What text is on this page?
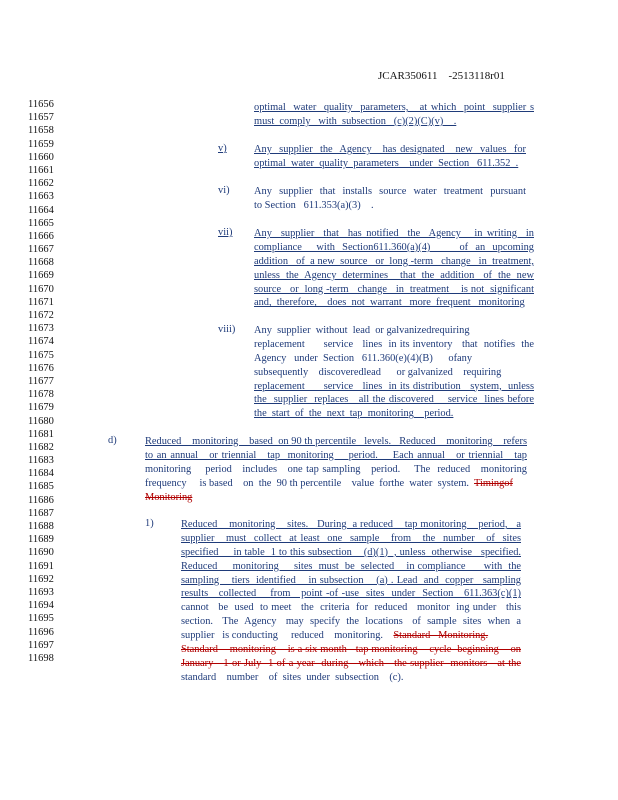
JCAR350611    -2513118r01
11656
11657
11658
11659
11660
11661
11662
11663
11664
11665
11666
11667
11668
11669
11670
11671
11672
11673
11674
11675
11676
11677
11678
11679
11680
11681
11682
11683
11684
11685
11686
11687
11688
11689
11690
11691
11692
11693
11694
11695
11696
11697
11698
optimal  water  quality  parameters,   at which  point  supplier s
must  comply   with  subsection   (c)(2)(C)(v)    .
v)	Any  supplier  the  Agency   has designated   new  values  for
optimal  water  quality  parameters    under  Section   611.352  .
vi) Any  supplier  that  installs  source  water  treatment  pursuant
to Section   611.353(a)(3)    .
vii) Any  supplier  that  has notified  the  Agency   in writing  in
compliance    with  Section611.360(a)(4)        of  an  upcoming
addition   of  a new  source   or  long -term   change   in  treatment,
unless  the  Agency  determines    that  the  addition   of  the  new
source   or  long -term   change   in  treatment    is not  significant
and,  therefore,    does  not  warrant   more  frequent   monitoring
viii) Any  supplier  without  lead  or galvanizedrequiring
replacement      service   lines  in its inventory   that  notifies  the
Agency   under  Section   611.360(e)(4)(B)      ofany
subsequently    discoveredlead      or galvanized    requiring
replacement      service   lines  in its distribution   system,  unless
the  supplier  replaces   all the discovered    service  lines before
the  start  of  the  next  tap  monitoring    period.
d)	Reduced    monitoring    based  on 90 th percentile   levels.   Reduced    monitoring    refers
to an annual   or triennial   tap  monitoring    period.    Each annual   or triennial   tap
monitoring    period   includes   one tap sampling   period.    The  reduced   monitoring
frequency     is based    on  the  90 th percentile    value  forthe  water  system. Timingof
Monitoring
1)	Reduced    monitoring    sites.   During  a reduced    tap monitoring    period,   a
supplier   must  collect  at least  one  sample   from   the  number   of  sites
specified     in table  1 to this subsection    (d)(1)  , unless  otherwise   specified.
Reduced     monitoring     sites  must  be  selected    in compliance      with  the
sampling    tiers  identified    in subsection    (a) . Lead  and  copper   sampling
results   collected    from   point -of -use  sites  under  Section   611.363(c)(1)
cannot   be  used  to meet   the  criteria  for  reduced   monitor  ing under   this
section.   The  Agency   may  specify  the  locations   of  sample  sites  when  a
supplier   is conducting     reduced    monitoring. Standard   Monitoring.
Standard    monitoring    is a six month   tap monitoring    cycle  beginning    on
January   1 or July  1 of a year  during   which   the supplier  monitors   at the
standard    number    of  sites  under  subsection    (c).
